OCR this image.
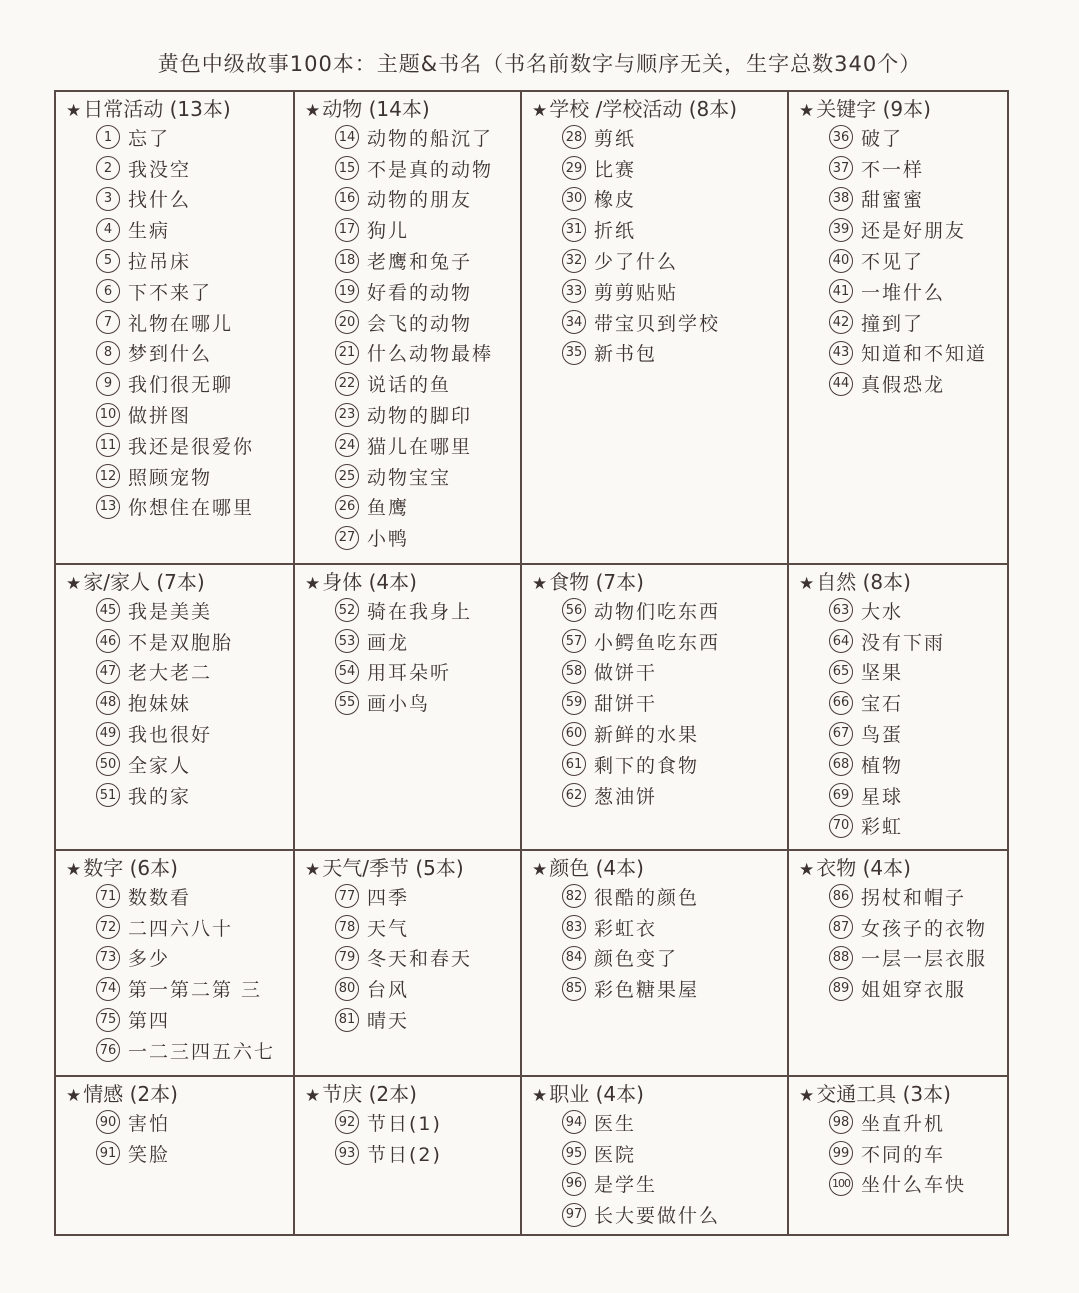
黄色中级故事100本：主题&书名（书名前数字与顺序无关，生字总数340个）
★ 日常活动 (13本)
1 忘了
2 我没空
3 找什么
4 生病
5 拉吊床
6 下不来了
7 礼物在哪儿
8 梦到什么
9 我们很无聊
10 做拼图
11 我还是很爱你
12 照顾宠物
13 你想住在哪里
★ 动物 (14本)
14 动物的船沉了
15 不是真的动物
16 动物的朋友
17 狗儿
18 老鹰和兔子
19 好看的动物
20 会飞的动物
21 什么动物最棒
22 说话的鱼
23 动物的脚印
24 猫儿在哪里
25 动物宝宝
26 鱼鹰
27 小鸭
★ 学校 /学校活动 (8本)
28 剪纸
29 比赛
30 橡皮
31 折纸
32 少了什么
33 剪剪贴贴
34 带宝贝到学校
35 新书包
★ 关键字 (9本)
36 破了
37 不一样
38 甜蜜蜜
39 还是好朋友
40 不见了
41 一堆什么
42 撞到了
43 知道和不知道
44 真假恐龙
★ 家/家人 (7本)
45 我是美美
46 不是双胞胎
47 老大老二
48 抱妹妹
49 我也很好
50 全家人
51 我的家
★ 身体 (4本)
52 骑在我身上
53 画龙
54 用耳朵听
55 画小鸟
★ 食物 (7本)
56 动物们吃东西
57 小鳄鱼吃东西
58 做饼干
59 甜饼干
60 新鲜的水果
61 剩下的食物
62 葱油饼
★ 自然 (8本)
63 大水
64 没有下雨
65 坚果
66 宝石
67 鸟蛋
68 植物
69 星球
70 彩虹
★ 数字 (6本)
71 数数看
72 二四六八十
73 多少
74 第一第二第 三
75 第四
76 一二三四五六七
★ 天气/季节 (5本)
77 四季
78 天气
79 冬天和春天
80 台风
81 晴天
★ 颜色 (4本)
82 很酷的颜色
83 彩虹衣
84 颜色变了
85 彩色糖果屋
★ 衣物 (4本)
86 拐杖和帽子
87 女孩子的衣物
88 一层一层衣服
89 姐姐穿衣服
★ 情感 (2本)
90 害怕
91 笑脸
★ 节庆 (2本)
92 节日(1)
93 节日(2)
★ 职业 (4本)
94 医生
95 医院
96 是学生
97 长大要做什么
★ 交通工具 (3本)
98 坐直升机
99 不同的车
100 坐什么车快
